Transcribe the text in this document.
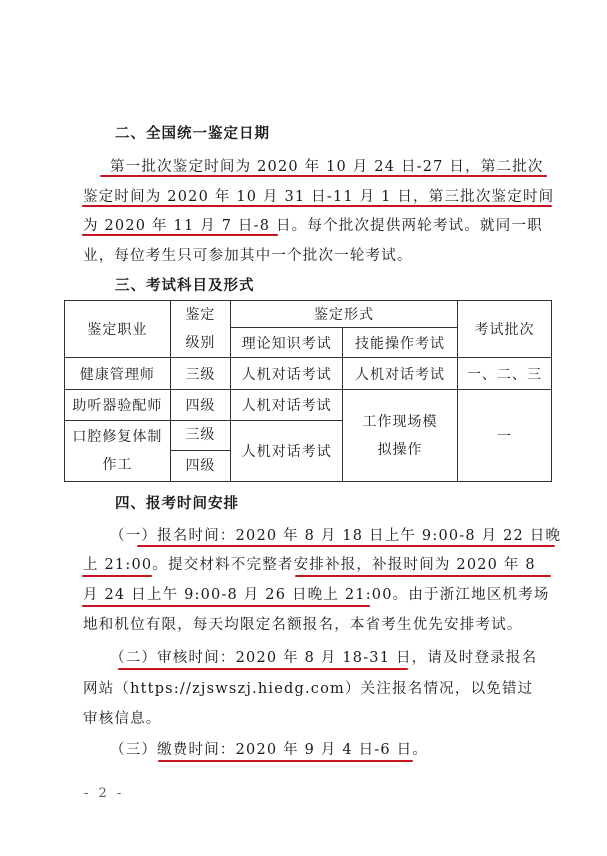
二、全国统一鉴定日期
第一批次鉴定时间为 2020 年 10 月 24 日-27 日，第二批次
鉴定时间为 2020 年 10 月 31 日-11 月 1 日，第三批次鉴定时间
为 2020 年 11 月 7 日-8 日。每个批次提供两轮考试。就同一职
业，每位考生只可参加其中一个批次一轮考试。
三、考试科目及形式
鉴定职业	鉴定级别	鉴定形式		考试批次
		理论知识考试	技能操作考试	
健康管理师	三级	人机对话考试	人机对话考试	一、二、三
助听器验配师	四级	人机对话考试	工作现场模拟操作	一
口腔修复体制作工	三级
四级	人机对话考试		
四、报考时间安排
（一）报名时间：2020 年 8 月 18 日上午 9:00-8 月 22 日晚
上 21:00。提交材料不完整者安排补报，补报时间为 2020 年 8
月 24 日上午 9:00-8 月 26 日晚上 21:00。由于浙江地区机考场
地和机位有限，每天均限定名额报名，本省考生优先安排考试。
（二）审核时间：2020 年 8 月 18-31 日，请及时登录报名
网站（https://zjswszj.hiedg.com）关注报名情况，以免错过
审核信息。
（三）缴费时间：2020 年 9 月 4 日-6 日。
- 2 -
